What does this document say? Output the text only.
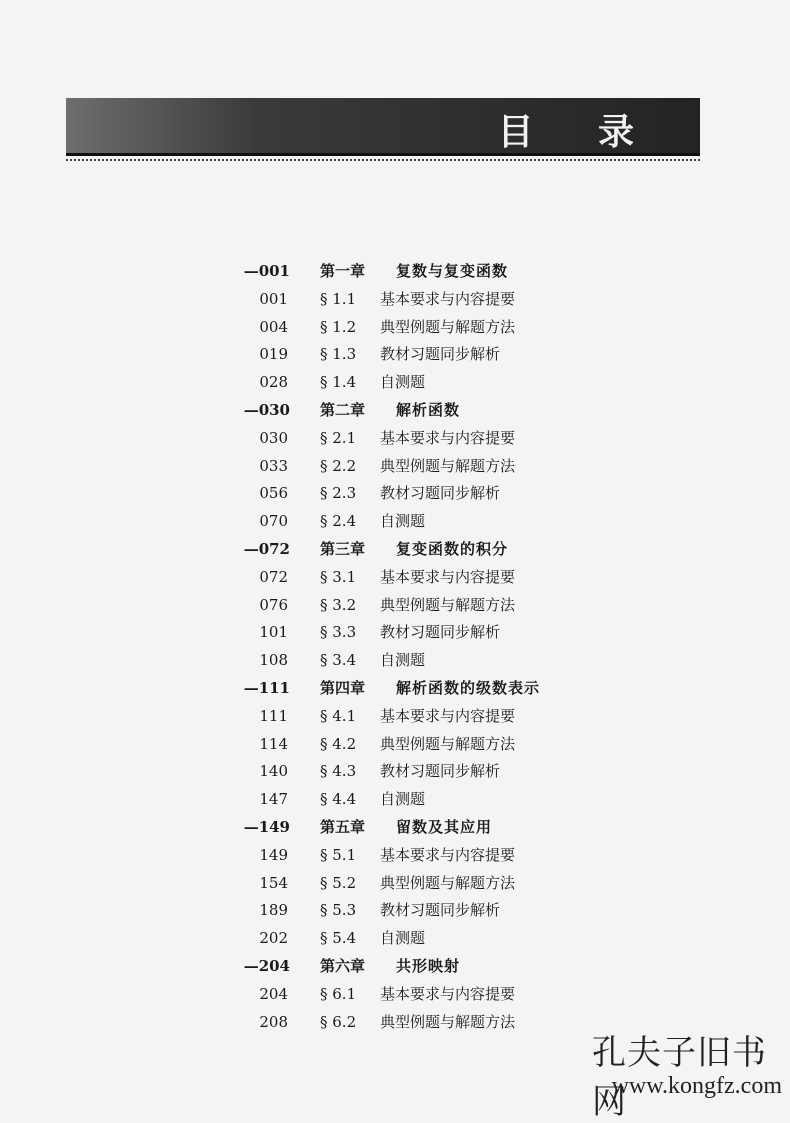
目 录
—001 第一章 复数与复变函数
001 § 1.1 基本要求与内容提要
004 § 1.2 典型例题与解题方法
019 § 1.3 教材习题同步解析
028 § 1.4 自测题
—030 第二章 解析函数
030 § 2.1 基本要求与内容提要
033 § 2.2 典型例题与解题方法
056 § 2.3 教材习题同步解析
070 § 2.4 自测题
—072 第三章 复变函数的积分
072 § 3.1 基本要求与内容提要
076 § 3.2 典型例题与解题方法
101 § 3.3 教材习题同步解析
108 § 3.4 自测题
—111 第四章 解析函数的级数表示
111 § 4.1 基本要求与内容提要
114 § 4.2 典型例题与解题方法
140 § 4.3 教材习题同步解析
147 § 4.4 自测题
—149 第五章 留数及其应用
149 § 5.1 基本要求与内容提要
154 § 5.2 典型例题与解题方法
189 § 5.3 教材习题同步解析
202 § 5.4 自测题
—204 第六章 共形映射
204 § 6.1 基本要求与内容提要
208 § 6.2 典型例题与解题方法
孔夫子旧书网
www.kongfz.com
